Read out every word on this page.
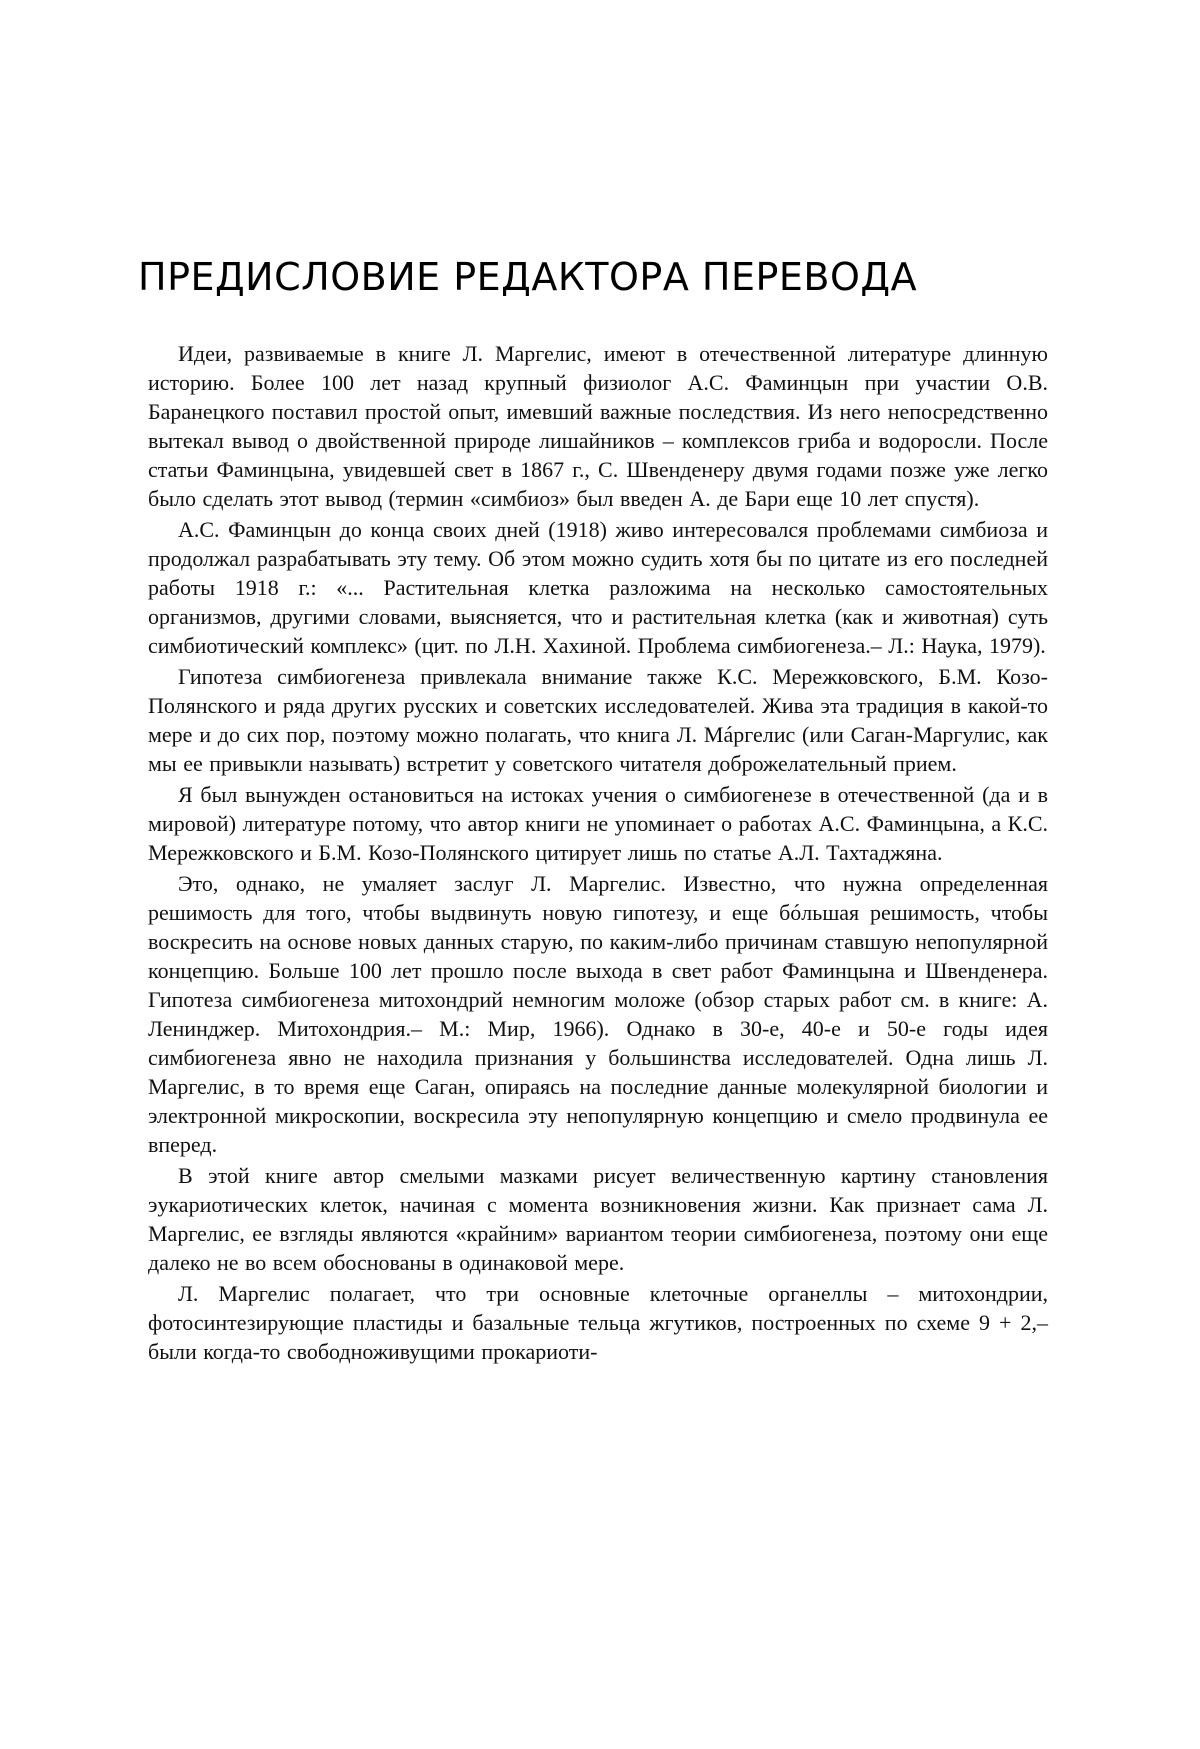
ПРЕДИСЛОВИЕ РЕДАКТОРА ПЕРЕВОДА

Идеи, развиваемые в книге Л. Маргелис, имеют в отечественной литературе длинную историю. Более 100 лет назад крупный физиолог А.С. Фаминцын при участии О.В. Баранецкого поставил простой опыт, имевший важные последствия. Из него непосредственно вытекал вывод о двойственной природе лишайников – комплексов гриба и водоросли. После статьи Фаминцына, увидевшей свет в 1867 г., С. Швенденеру двумя годами позже уже легко было сделать этот вывод (термин «симбиоз» был введен А. де Бари еще 10 лет спустя).

А.С. Фаминцын до конца своих дней (1918) живо интересовался проблемами симбиоза и продолжал разрабатывать эту тему. Об этом можно судить хотя бы по цитате из его последней работы 1918 г.: «... Растительная клетка разложима на несколько самостоятельных организмов, другими словами, выясняется, что и растительная клетка (как и животная) суть симбиотический комплекс» (цит. по Л.Н. Хахиной. Проблема симбиогенеза.– Л.: Наука, 1979).

Гипотеза симбиогенеза привлекала внимание также К.С. Мережковского, Б.М. Козо-Полянского и ряда других русских и советских исследователей. Жива эта традиция в какой-то мере и до сих пор, поэтому можно полагать, что книга Л. Мáргелис (или Саган-Маргулис, как мы ее привыкли называть) встретит у советского читателя доброжелательный прием.

Я был вынужден остановиться на истоках учения о симбиогенезе в отечественной (да и в мировой) литературе потому, что автор книги не упоминает о работах А.С. Фаминцына, а К.С. Мережковского и Б.М. Козо-Полянского цитирует лишь по статье А.Л. Тахтаджяна.

Это, однако, не умаляет заслуг Л. Маргелис. Известно, что нужна определенная решимость для того, чтобы выдвинуть новую гипотезу, и еще бóльшая решимость, чтобы воскресить на основе новых данных старую, по каким-либо причинам ставшую непопулярной концепцию. Больше 100 лет прошло после выхода в свет работ Фаминцына и Швенденера. Гипотеза симбиогенеза митохондрий немногим моложе (обзор старых работ см. в книге: А. Ленинджер. Митохондрия.– М.: Мир, 1966). Однако в 30-е, 40-е и 50-е годы идея симбиогенеза явно не находила признания у большинства исследователей. Одна лишь Л. Маргелис, в то время еще Саган, опираясь на последние данные молекулярной биологии и электронной микроскопии, воскресила эту непопулярную концепцию и смело продвинула ее вперед.

В этой книге автор смелыми мазками рисует величественную картину становления эукариотических клеток, начиная с момента возникновения жизни. Как признает сама Л. Маргелис, ее взгляды являются «крайним» вариантом теории симбиогенеза, поэтому они еще далеко не во всем обоснованы в одинаковой мере.

Л. Маргелис полагает, что три основные клеточные органеллы – митохондрии, фотосинтезирующие пластиды и базальные тельца жгутиков, построенных по схеме 9 + 2,– были когда-то свободноживущими прокариоти-
